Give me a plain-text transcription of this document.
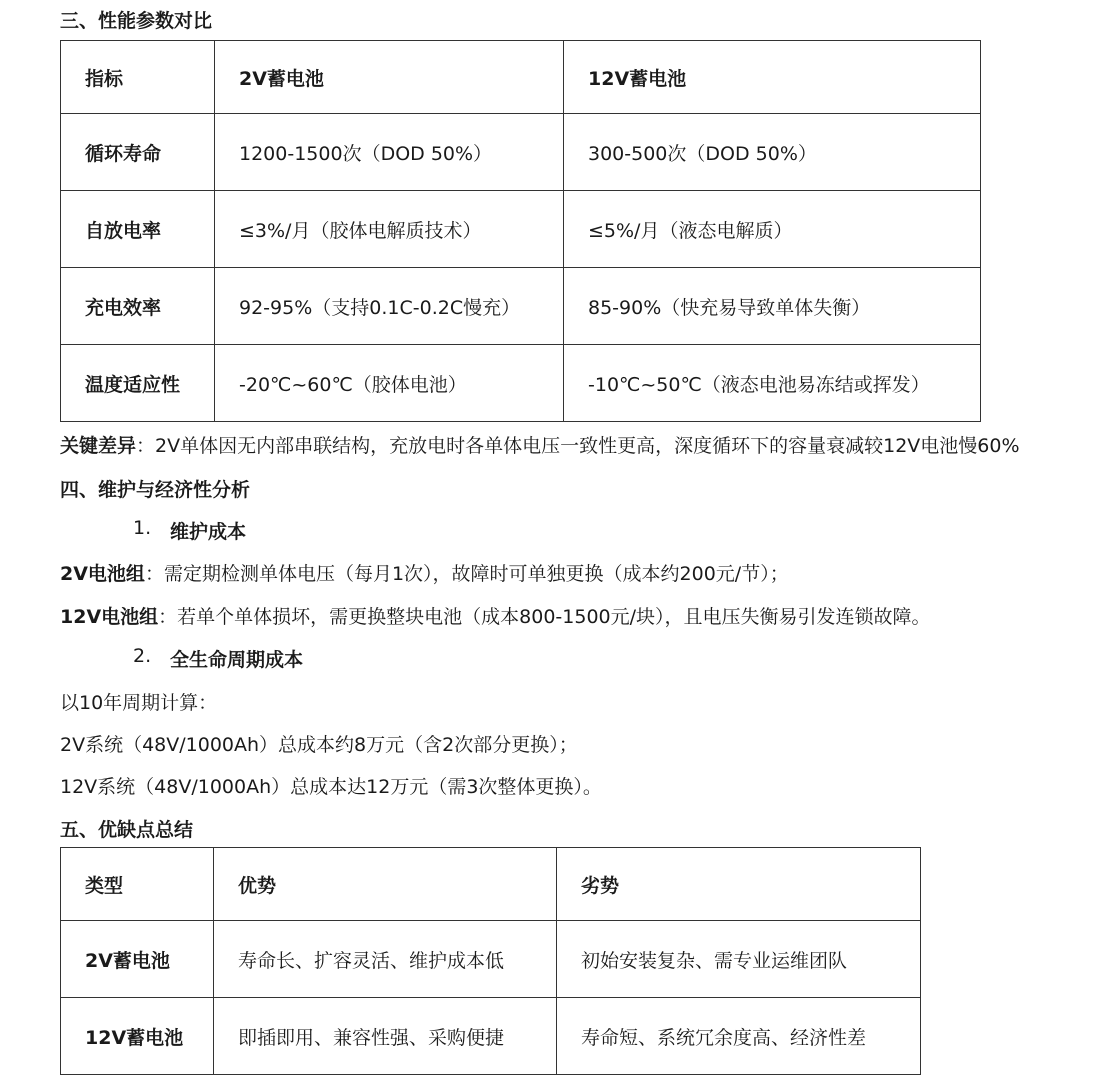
三、性能参数对比
指标	2V蓄电池	12V蓄电池
循环寿命	1200-1500次（DOD 50%）	300-500次（DOD 50%）
自放电率	≤3%/月（胶体电解质技术）	≤5%/月（液态电解质）
充电效率	92-95%（支持0.1C-0.2C慢充）	85-90%（快充易导致单体失衡）
温度适应性	-20℃~60℃（胶体电池）	-10℃~50℃（液态电池易冻结或挥发）
关键差异：2V单体因无内部串联结构，充放电时各单体电压一致性更高，深度循环下的容量衰减较12V电池慢60%
四、维护与经济性分析
1. 维护成本
2V电池组：需定期检测单体电压（每月1次），故障时可单独更换（成本约200元/节）；
12V电池组：若单个单体损坏，需更换整块电池（成本800-1500元/块），且电压失衡易引发连锁故障。
2. 全生命周期成本
以10年周期计算：
2V系统（48V/1000Ah）总成本约8万元（含2次部分更换）；
12V系统（48V/1000Ah）总成本达12万元（需3次整体更换）。
五、优缺点总结
类型	优势	劣势
2V蓄电池	寿命长、扩容灵活、维护成本低	初始安装复杂、需专业运维团队
12V蓄电池	即插即用、兼容性强、采购便捷	寿命短、系统冗余度高、经济性差
